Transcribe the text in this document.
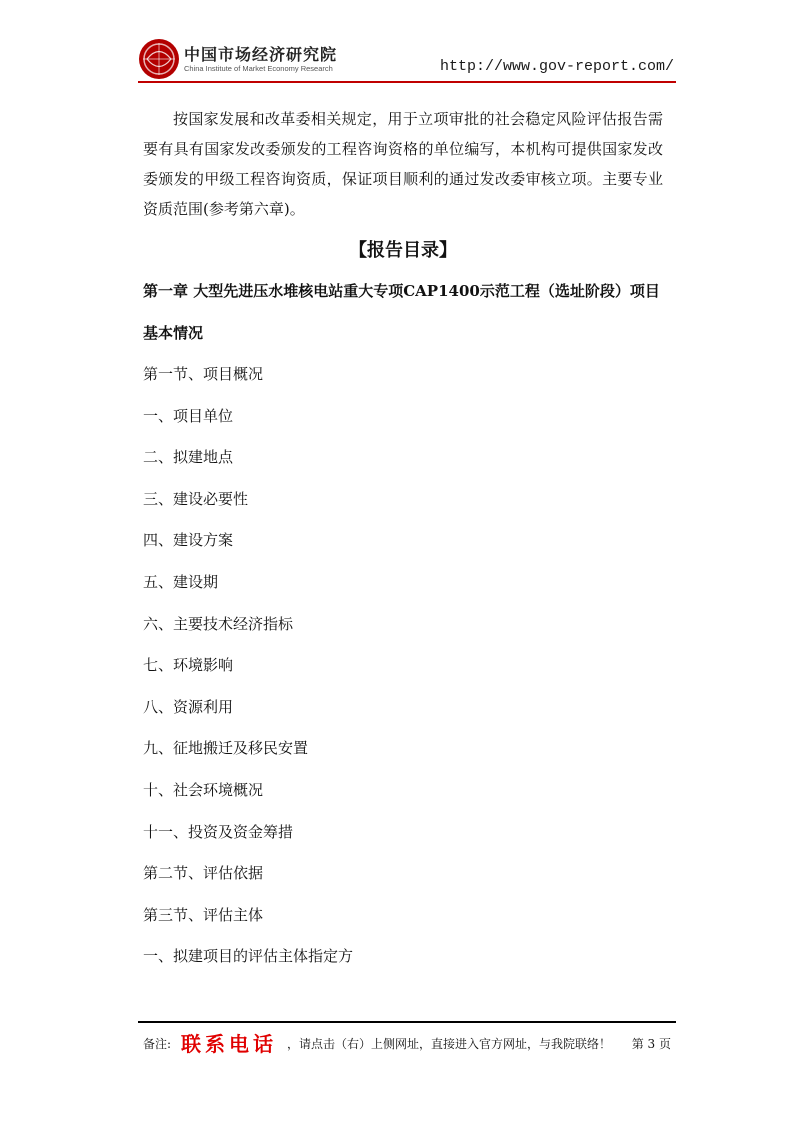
中国市场经济研究院
China Institute of Market Economy Research	http://www.gov-report.com/

按国家发展和改革委相关规定，用于立项审批的社会稳定风险评估报告需要有具有国家发改委颁发的工程咨询资格的单位编写，本机构可提供国家发改委颁发的甲级工程咨询资质，保证项目顺利的通过发改委审核立项。主要专业资质范围(参考第六章)。

【报告目录】

第一章 大型先进压水堆核电站重大专项CAP1400示范工程（选址阶段）项目基本情况

第一节、项目概况
一、项目单位
二、拟建地点
三、建设必要性
四、建设方案
五、建设期
六、主要技术经济指标
七、环境影响
八、资源利用
九、征地搬迁及移民安置
十、社会环境概况
十一、投资及资金筹措
第二节、评估依据
第三节、评估主体
一、拟建项目的评估主体指定方
备注: 联系电话 ，请点击（右）上侧网址，直接进入官方网址，与我院联络！ 第 3 页
